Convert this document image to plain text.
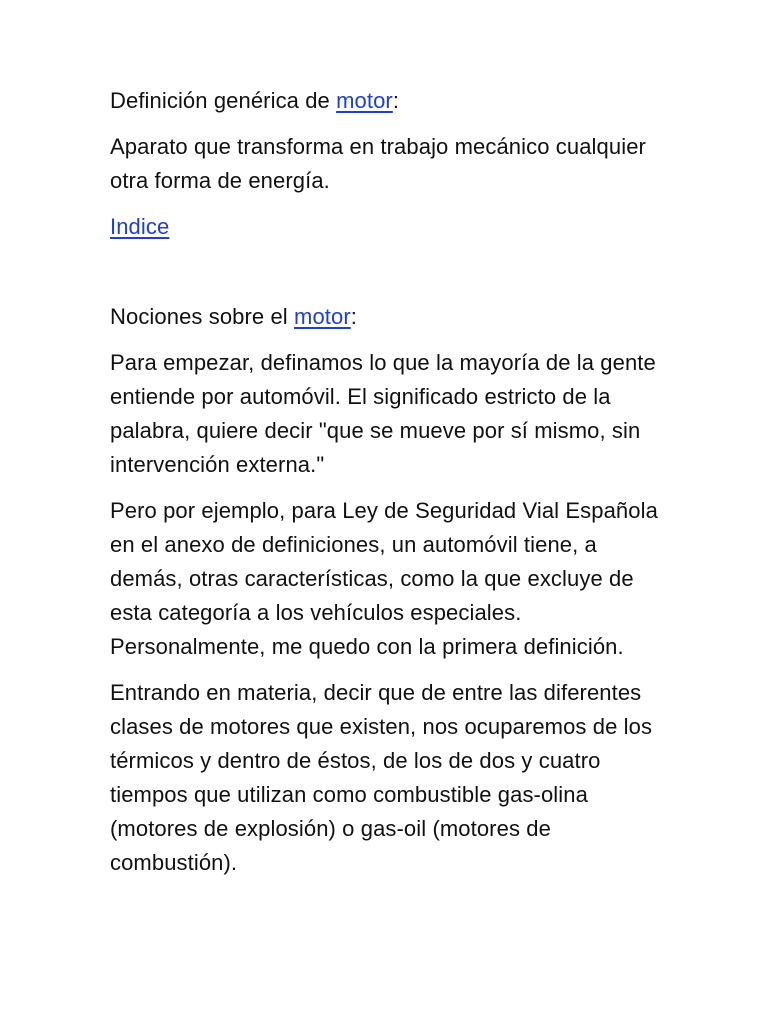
Definición genérica de motor:

Aparato que transforma en trabajo mecánico cualquier otra forma de energía.

Indice

Nociones sobre el motor:

Para empezar, definamos lo que la mayoría de la gente entiende por automóvil. El significado estricto de la palabra, quiere decir "que se mueve por sí mismo, sin intervención externa."

Pero por ejemplo, para Ley de Seguridad Vial Española en el anexo de definiciones, un automóvil tiene, a demás, otras características, como la que excluye de esta categoría a los vehículos especiales. Personalmente, me quedo con la primera definición.

Entrando en materia, decir que de entre las diferentes clases de motores que existen, nos ocuparemos de los térmicos y dentro de éstos, de los de dos y cuatro tiempos que utilizan como combustible gas-olina (motores de explosión) o gas-oil (motores de combustión).
